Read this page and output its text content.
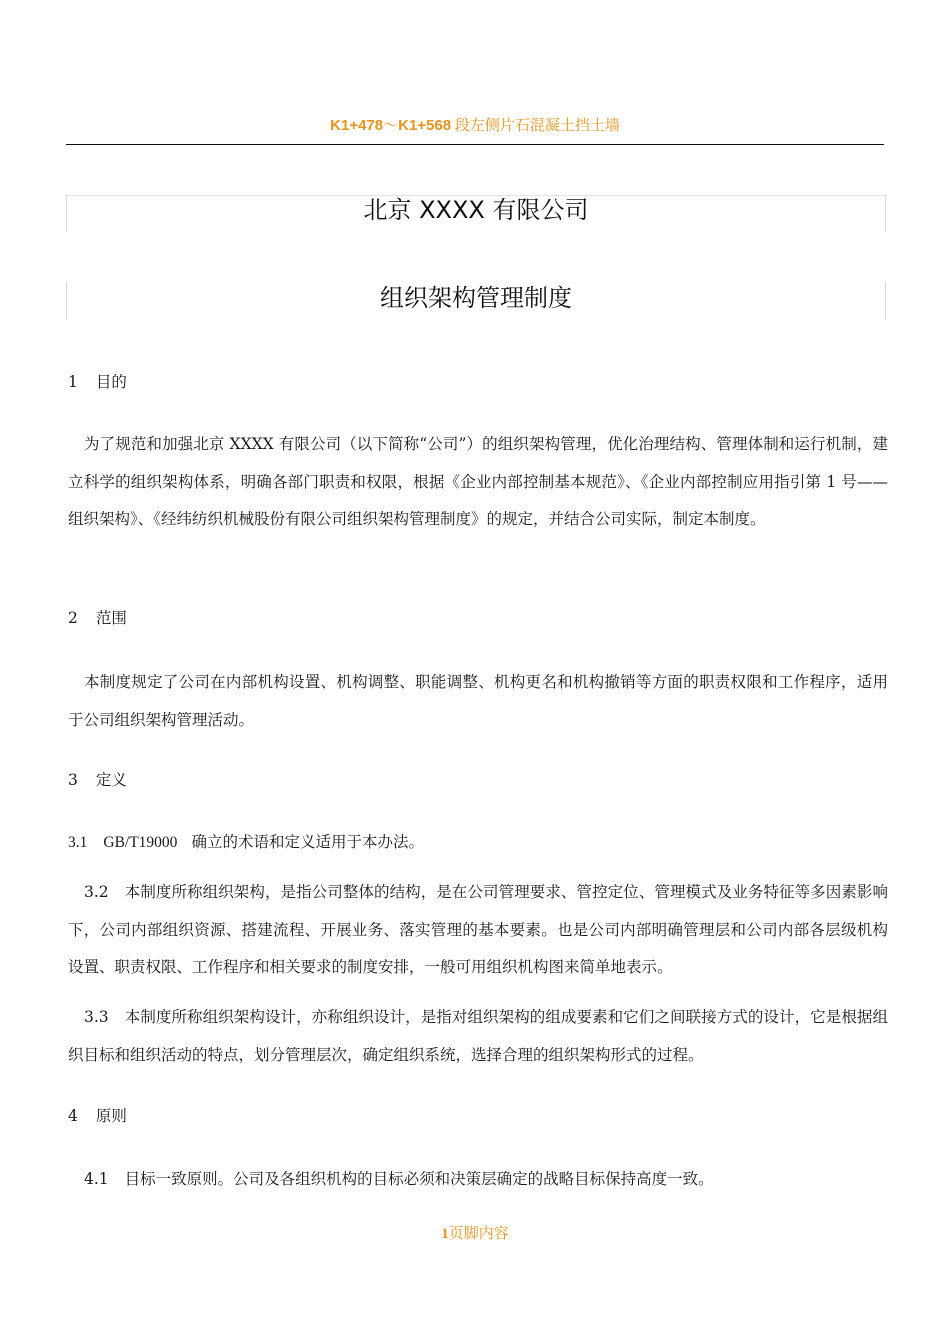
K1+478～K1+568 段左侧片石混凝土挡土墙
北京 XXXX 有限公司
组织架构管理制度
1 目的

为了规范和加强北京 XXXX 有限公司（以下简称“公司”）的组织架构管理，优化治理结构、管理体制和运行机制，建立科学的组织架构体系，明确各部门职责和权限，根据《企业内部控制基本规范》、《企业内部控制应用指引第 1 号——组织架构》、《经纬纺织机械股份有限公司组织架构管理制度》的规定，并结合公司实际，制定本制度。

2 范围

本制度规定了公司在内部机构设置、机构调整、职能调整、机构更名和机构撤销等方面的职责权限和工作程序，适用于公司组织架构管理活动。

3 定义
3.1 GB/T19000 确立的术语和定义适用于本办法。

3.2 本制度所称组织架构，是指公司整体的结构，是在公司管理要求、管控定位、管理模式及业务特征等多因素影响下，公司内部组织资源、搭建流程、开展业务、落实管理的基本要素。也是公司内部明确管理层和公司内部各层级机构设置、职责权限、工作程序和相关要求的制度安排，一般可用组织机构图来简单地表示。

3.3 本制度所称组织架构设计，亦称组织设计，是指对组织架构的组成要素和它们之间联接方式的设计，它是根据组织目标和组织活动的特点，划分管理层次，确定组织系统，选择合理的组织架构形式的过程。

4 原则

4.1 目标一致原则。公司及各组织机构的目标必须和决策层确定的战略目标保持高度一致。

1页脚内容
